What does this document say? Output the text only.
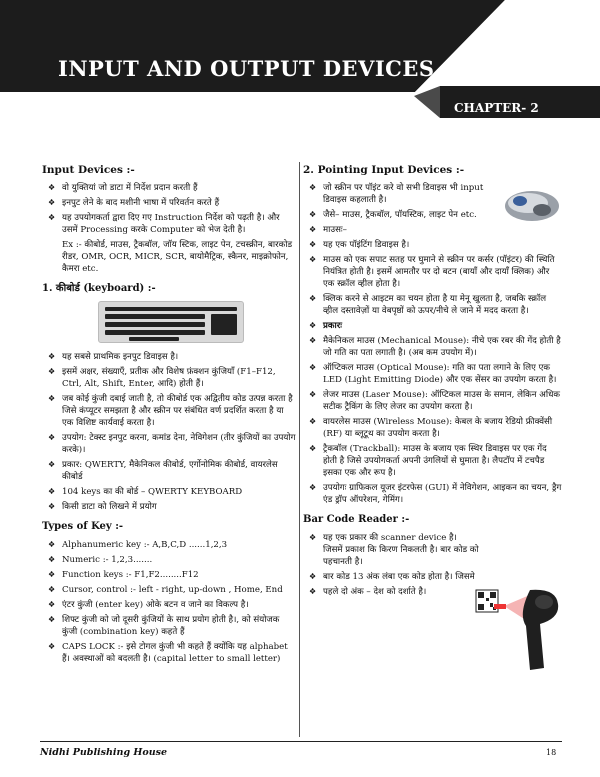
INPUT AND OUTPUT DEVICES
CHAPTER- 2
Input Devices :-
❖ वो युक्तियां जो डाटा में निर्देश प्रदान करती हैं
❖ इनपुट लेने के बाद मशीनी भाषा में परिवर्तन करते हैं
❖ यह उपयोगकर्ता द्वारा दिए गए Instruction निर्देश को पढ़ती है। और उसमें Processing करके Computer को भेज देती है।

Ex :- कीबोर्ड, माउस, ट्रैकबॉल, जॉय स्टिक, लाइट पेन, टचस्क्रीन, बारकोड रीडर, OMR, OCR, MICR, SCR, बायोमैट्रिक, स्कैनर, माइक्रोफोन, कैमरा etc.

1. कीबोर्ड (keyboard) :-
❖ यह सबसे प्राथमिक इनपुट डिवाइस है।
❖ इसमें अक्षर, संख्याएँ, प्रतीक और विशेष फ़ंक्शन कुंजियाँ (F1–F12, Ctrl, Alt, Shift, Enter, आदि) होती हैं।
❖ जब कोई कुंजी दबाई जाती है, तो कीबोर्ड एक अद्वितीय कोड उत्पन्न करता है जिसे कंप्यूटर समझता है और स्क्रीन पर संबंधित वर्ण प्रदर्शित करता है या एक विशिष्ट कार्यवाई करता है।
❖ उपयोग: टेक्स्ट इनपुट करना, कमांड देना, नेविगेशन (तीर कुंजियों का उपयोग करके)।
❖ प्रकार: QWERTY, मैकेनिकल कीबोर्ड, एर्गोनोमिक कीबोर्ड, वायरलेस कीबोर्ड
❖ 104 keys का की बोर्ड – QWERTY KEYBOARD
❖ किसी डाटा को लिखने में प्रयोग
Types of Key :-
❖ Alphanumeric key :- A,B,C,D ......1,2,3
❖ Numeric :- 1,2,3.......
❖ Function keys :- F1,F2........F12
❖ Cursor, control :- left - right, up-down , Home, End
❖ एंटर कुंजी (enter key) ओके बटन व जाने का विकल्प है।
❖ शिफ्ट कुंजी को जो दूसरी कुंजियों के साथ प्रयोग होती है।, को संयोजक कुंजी (combination key) कहते हैं
❖ CAPS LOCK :- इसे टोगल कुंजी भी कहते हैं क्योंकि यह alphabet हैं। अवस्थाओं को बदलती है। (capital letter to small letter)
2. Pointing Input Devices :-
❖ जो स्क्रीन पर पॉइंट करे वो सभी डिवाइस भी input डिवाइस कहलाती है।
❖ जैसे– माउस, ट्रैकबॉल, पॉयस्टिक, लाइट पेन etc.
❖ माउसः–
❖ यह एक पॉइंटिंग डिवाइस है।
❖ माउस को एक सपाट सतह पर घुमाने से स्क्रीन पर कर्सर (पॉइंटर) की स्थिति नियंत्रित होती है। इसमें आमतौर पर दो बटन (बायाँ और दायाँ क्लिक) और एक स्क्रॉल व्हील होता है।
❖ क्लिक करने से आइटम का चयन होता है या मेनू खुलता है, जबकि स्क्रॉल व्हील दस्तावेज़ों या वेबपृष्ठों को ऊपर/नीचे ले जाने में मदद करता है।
❖ प्रकारः
❖ मैकेनिकल माउस (Mechanical Mouse): नीचे एक रबर की गेंद होती है जो गति का पता लगाती है। (अब कम उपयोग में)।
❖ ऑप्टिकल माउस (Optical Mouse): गति का पता लगाने के लिए एक LED (Light Emitting Diode) और एक सेंसर का उपयोग करता है।
❖ लेजर माउस (Laser Mouse): ऑप्टिकल माउस के समान, लेकिन अधिक सटीक ट्रैकिंग के लिए लेजर का उपयोग करता है।
❖ वायरलेस माउस (Wireless Mouse): केबल के बजाय रेडियो फ्रीक्वेंसी (RF) या ब्लूटूथ का उपयोग करता है।
❖ ट्रैकबॉल (Trackball): माउस के बजाय एक स्थिर डिवाइस पर एक गेंद होती है जिसे उपयोगकर्ता अपनी उंगलियों से घुमाता है। लैपटॉप में टचपैड इसका एक और रूप है।
❖ उपयोगः ग्राफिकल यूजर इंटरफेस (GUI) में नेविगेशन, आइकन का चयन, ड्रैग एंड ड्रॉप ऑपरेशन, गेमिंग।
Bar Code Reader :-
❖ यह एक प्रकार की scanner device है। जिसमें प्रकाश कि किरण निकलती है। बार कोड को पहचानती है।
❖ बार कोड 13 अंक लंबा एक कोड होता है। जिसमे
❖ पहले दो अंक – देश को दर्शाते है।
Nidhi Publishing House	18
